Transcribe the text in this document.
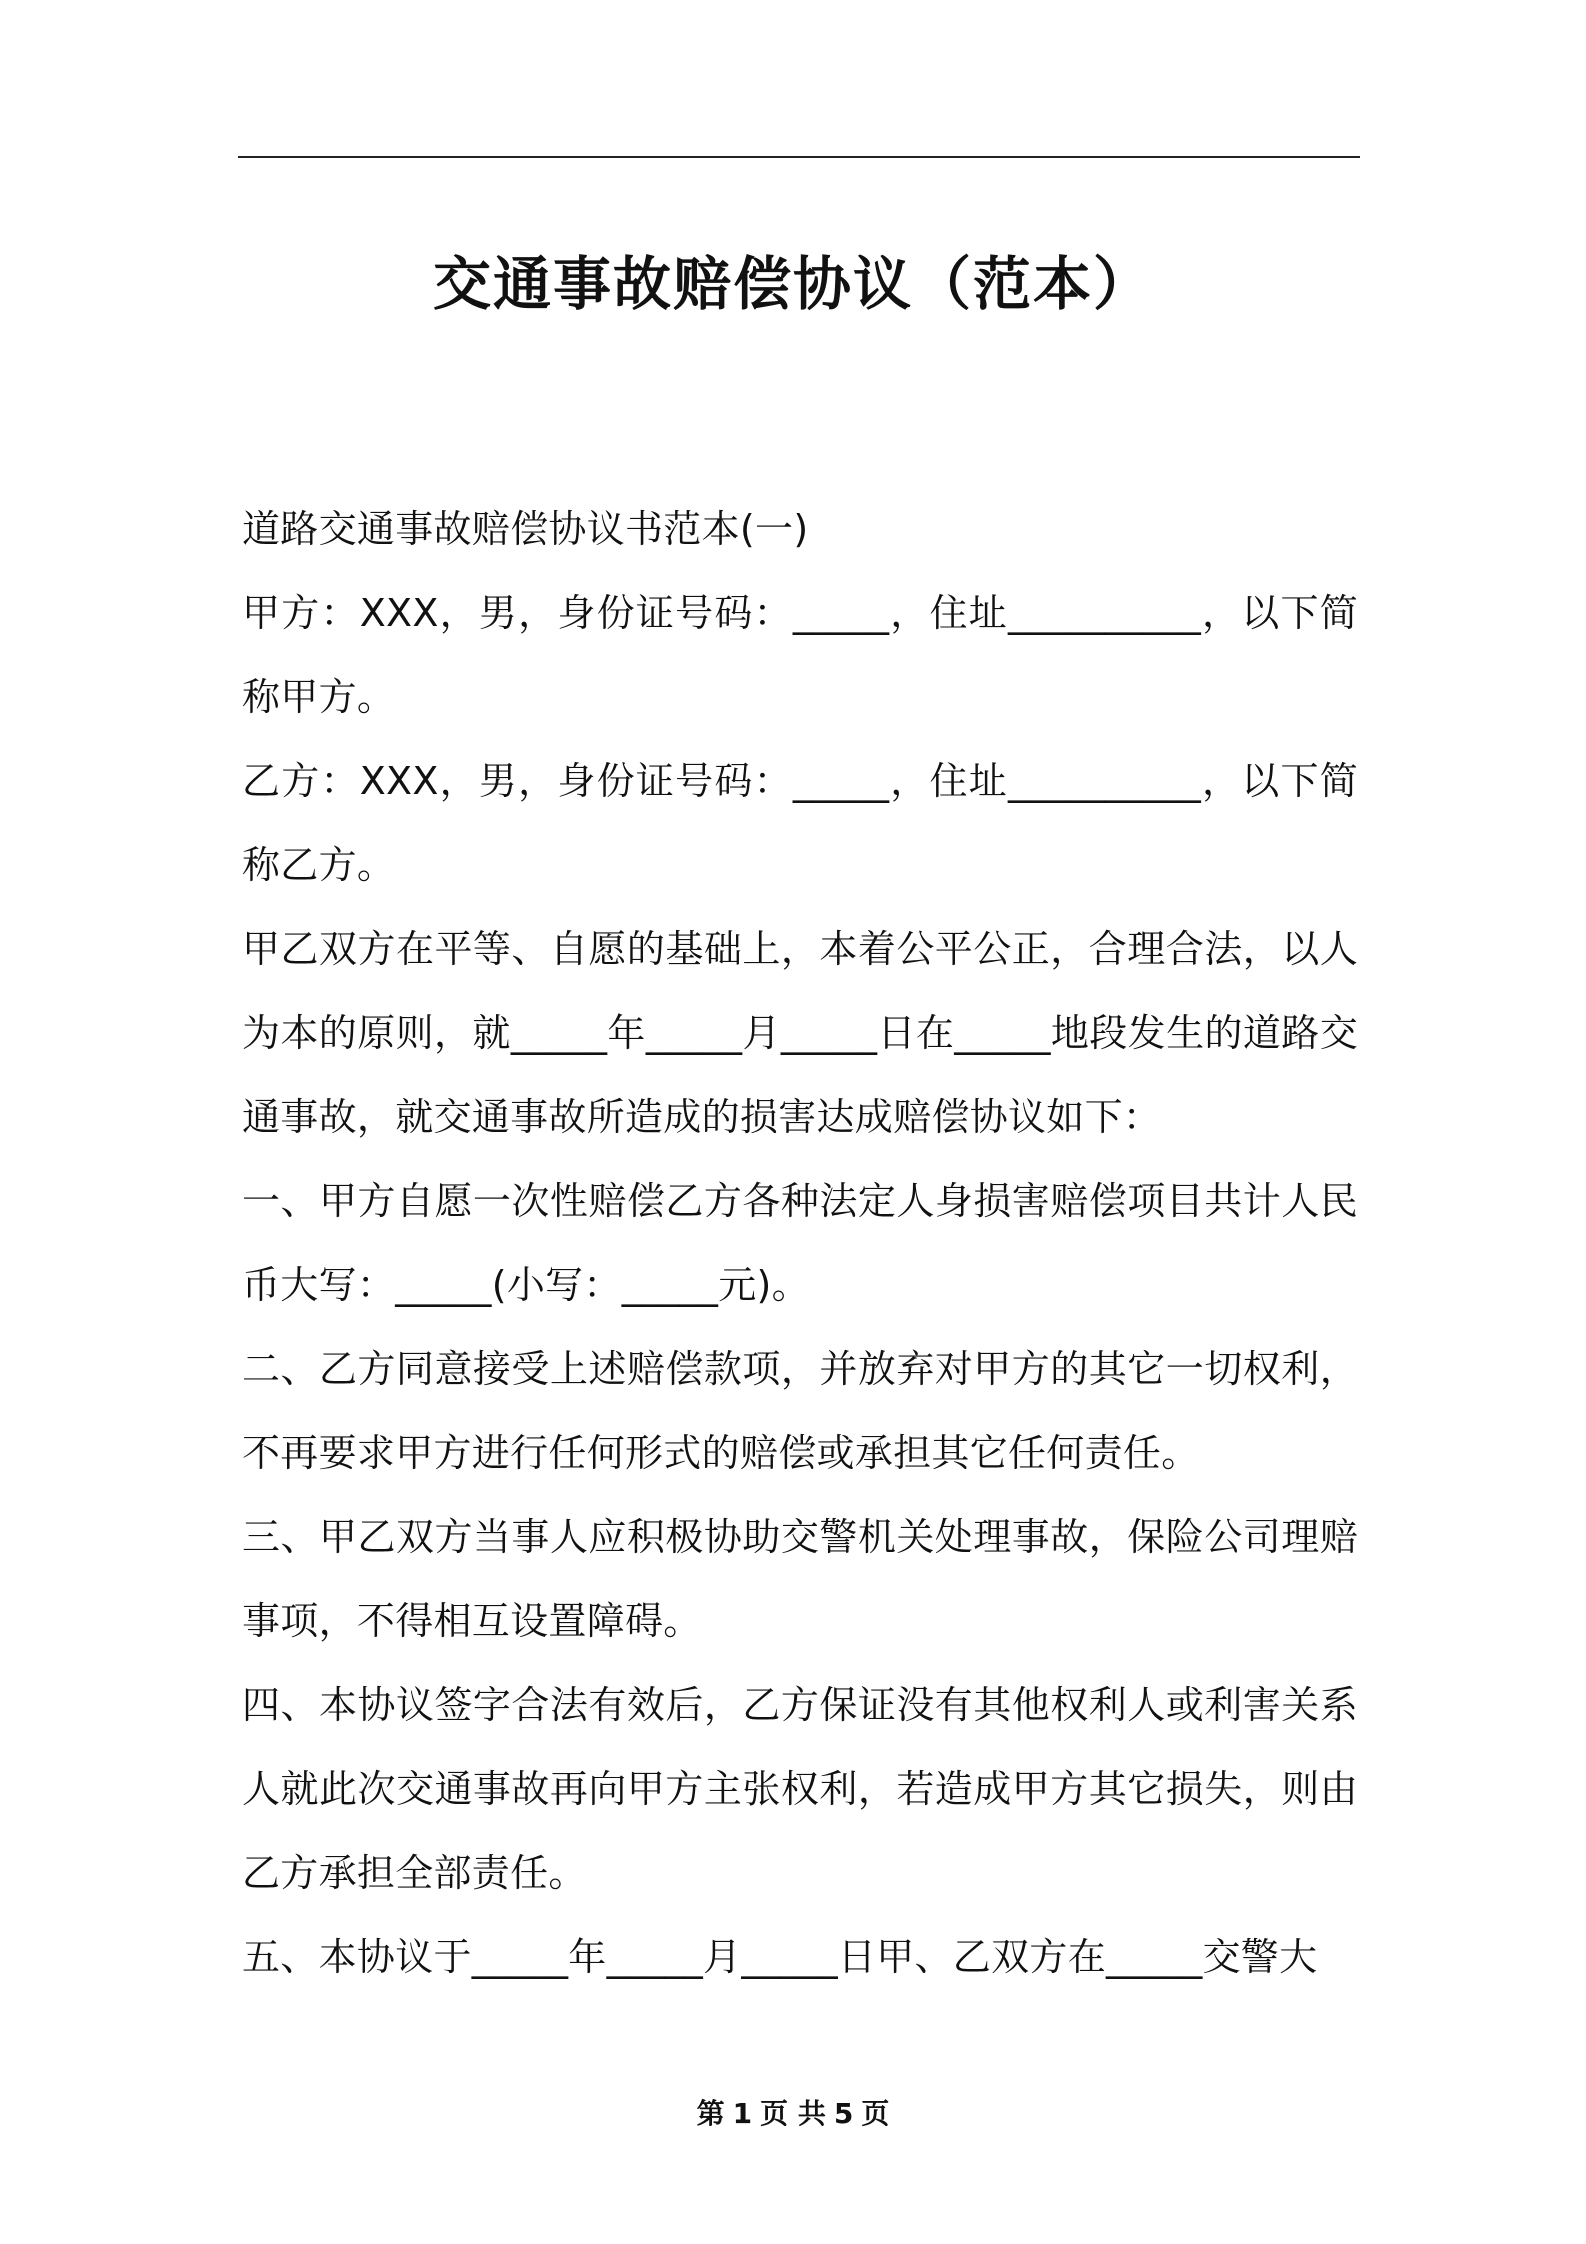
交通事故赔偿协议（范本）

道路交通事故赔偿协议书范本(一)

甲方：XXX，男，身份证号码：_____，住址__________，以下简称甲方。

乙方：XXX，男，身份证号码：_____，住址__________，以下简称乙方。

甲乙双方在平等、自愿的基础上，本着公平公正，合理合法，以人为本的原则，就_____年_____月_____日在_____地段发生的道路交通事故，就交通事故所造成的损害达成赔偿协议如下：

一、甲方自愿一次性赔偿乙方各种法定人身损害赔偿项目共计人民币大写：_____(小写：_____元)。

二、乙方同意接受上述赔偿款项，并放弃对甲方的其它一切权利，不再要求甲方进行任何形式的赔偿或承担其它任何责任。

三、甲乙双方当事人应积极协助交警机关处理事故，保险公司理赔事项，不得相互设置障碍。

四、本协议签字合法有效后，乙方保证没有其他权利人或利害关系人就此次交通事故再向甲方主张权利，若造成甲方其它损失，则由乙方承担全部责任。

五、本协议于_____年_____月_____日甲、乙双方在_____交警大

第 1 页 共 5 页
